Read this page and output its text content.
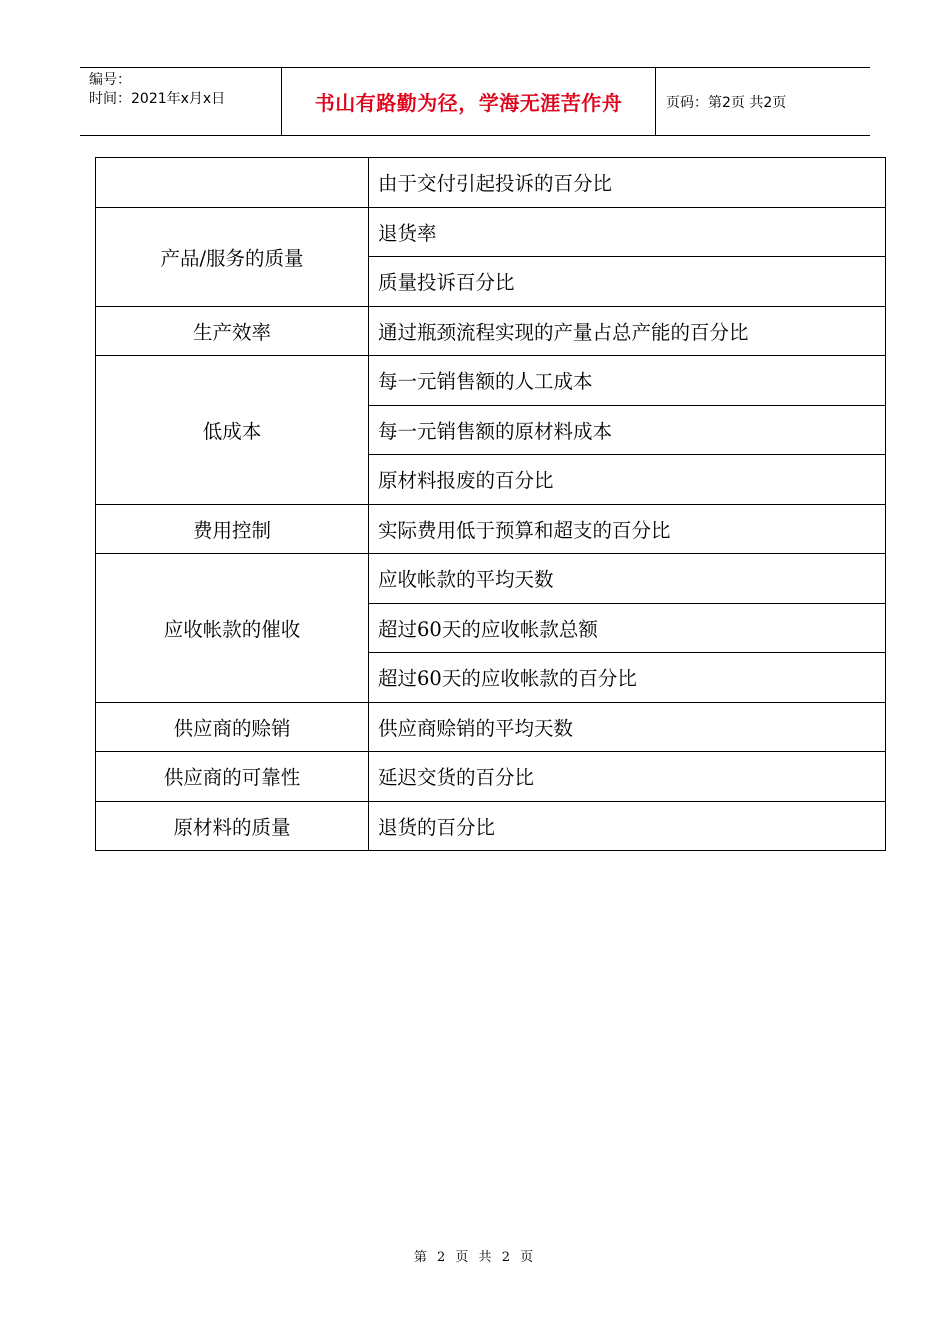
编号：
时间：2021年x月x日	书山有路勤为径，学海无涯苦作舟	页码：第2页 共2页
	由于交付引起投诉的百分比
产品/服务的质量	退货率
	质量投诉百分比
生产效率	通过瓶颈流程实现的产量占总产能的百分比
低成本	每一元销售额的人工成本
	每一元销售额的原材料成本
	原材料报废的百分比
费用控制	实际费用低于预算和超支的百分比
应收帐款的催收	应收帐款的平均天数
	超过60天的应收帐款总额
	超过60天的应收帐款的百分比
供应商的赊销	供应商赊销的平均天数
供应商的可靠性	延迟交货的百分比
原材料的质量	退货的百分比
第 2 页 共 2 页
